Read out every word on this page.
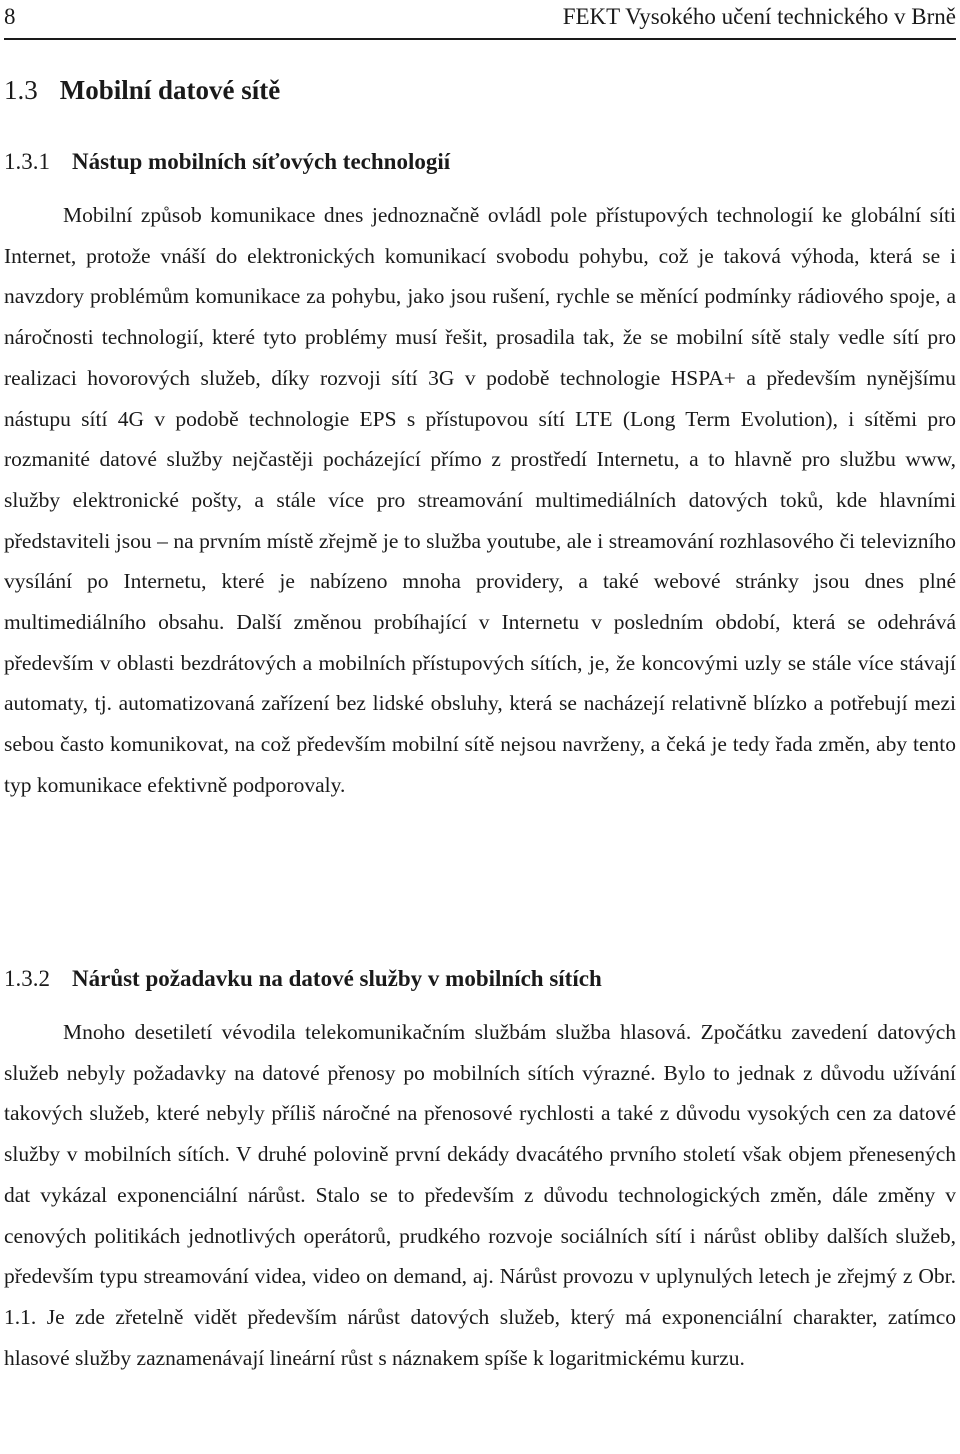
8	FEKT Vysokého učení technického v Brně
1.3 Mobilní datové sítě
1.3.1 Nástup mobilních síťových technologií

Mobilní způsob komunikace dnes jednoznačně ovládl pole přístupových technologií ke globální síti Internet, protože vnáší do elektronických komunikací svobodu pohybu, což je taková výhoda, která se i navzdory problémům komunikace za pohybu, jako jsou rušení, rychle se měnící podmínky rádiového spoje, a náročnosti technologií, které tyto problémy musí řešit, prosadila tak, že se mobilní sítě staly vedle sítí pro realizaci hovorových služeb, díky rozvoji sítí 3G v podobě technologie HSPA+ a především nynějšímu nástupu sítí 4G v podobě technologie EPS s přístupovou sítí LTE (Long Term Evolution), i sítěmi pro rozmanité datové služby nejčastěji pocházející přímo z prostředí Internetu, a to hlavně pro službu www, služby elektronické pošty, a stále více pro streamování multimediálních datových toků, kde hlavními představiteli jsou – na prvním místě zřejmě je to služba youtube, ale i streamování rozhlasového či televizního vysílání po Internetu, které je nabízeno mnoha providery, a také webové stránky jsou dnes plné multimediálního obsahu. Další změnou probíhající v Internetu v posledním období, která se odehrává především v oblasti bezdrátových a mobilních přístupových sítích, je, že koncovými uzly se stále více stávají automaty, tj. automatizovaná zařízení bez lidské obsluhy, která se nacházejí relativně blízko a potřebují mezi sebou často komunikovat, na což především mobilní sítě nejsou navrženy, a čeká je tedy řada změn, aby tento typ komunikace efektivně podporovaly.

1.3.2 Nárůst požadavku na datové služby v mobilních sítích

Mnoho desetiletí vévodila telekomunikačním službám služba hlasová. Zpočátku zavedení datových služeb nebyly požadavky na datové přenosy po mobilních sítích výrazné. Bylo to jednak z důvodu užívání takových služeb, které nebyly příliš náročné na přenosové rychlosti a také z důvodu vysokých cen za datové služby v mobilních sítích. V druhé polovině první dekády dvacátého prvního století však objem přenesených dat vykázal exponenciální nárůst. Stalo se to především z důvodu technologických změn, dále změny v cenových politikách jednotlivých operátorů, prudkého rozvoje sociálních sítí i nárůst obliby dalších služeb, především typu streamování videa, video on demand, aj. Nárůst provozu v uplynulých letech je zřejmý z Obr. 1.1. Je zde zřetelně vidět především nárůst datových služeb, který má exponenciální charakter, zatímco hlasové služby zaznamenávají lineární růst s náznakem spíše k logaritmickému kurzu.
